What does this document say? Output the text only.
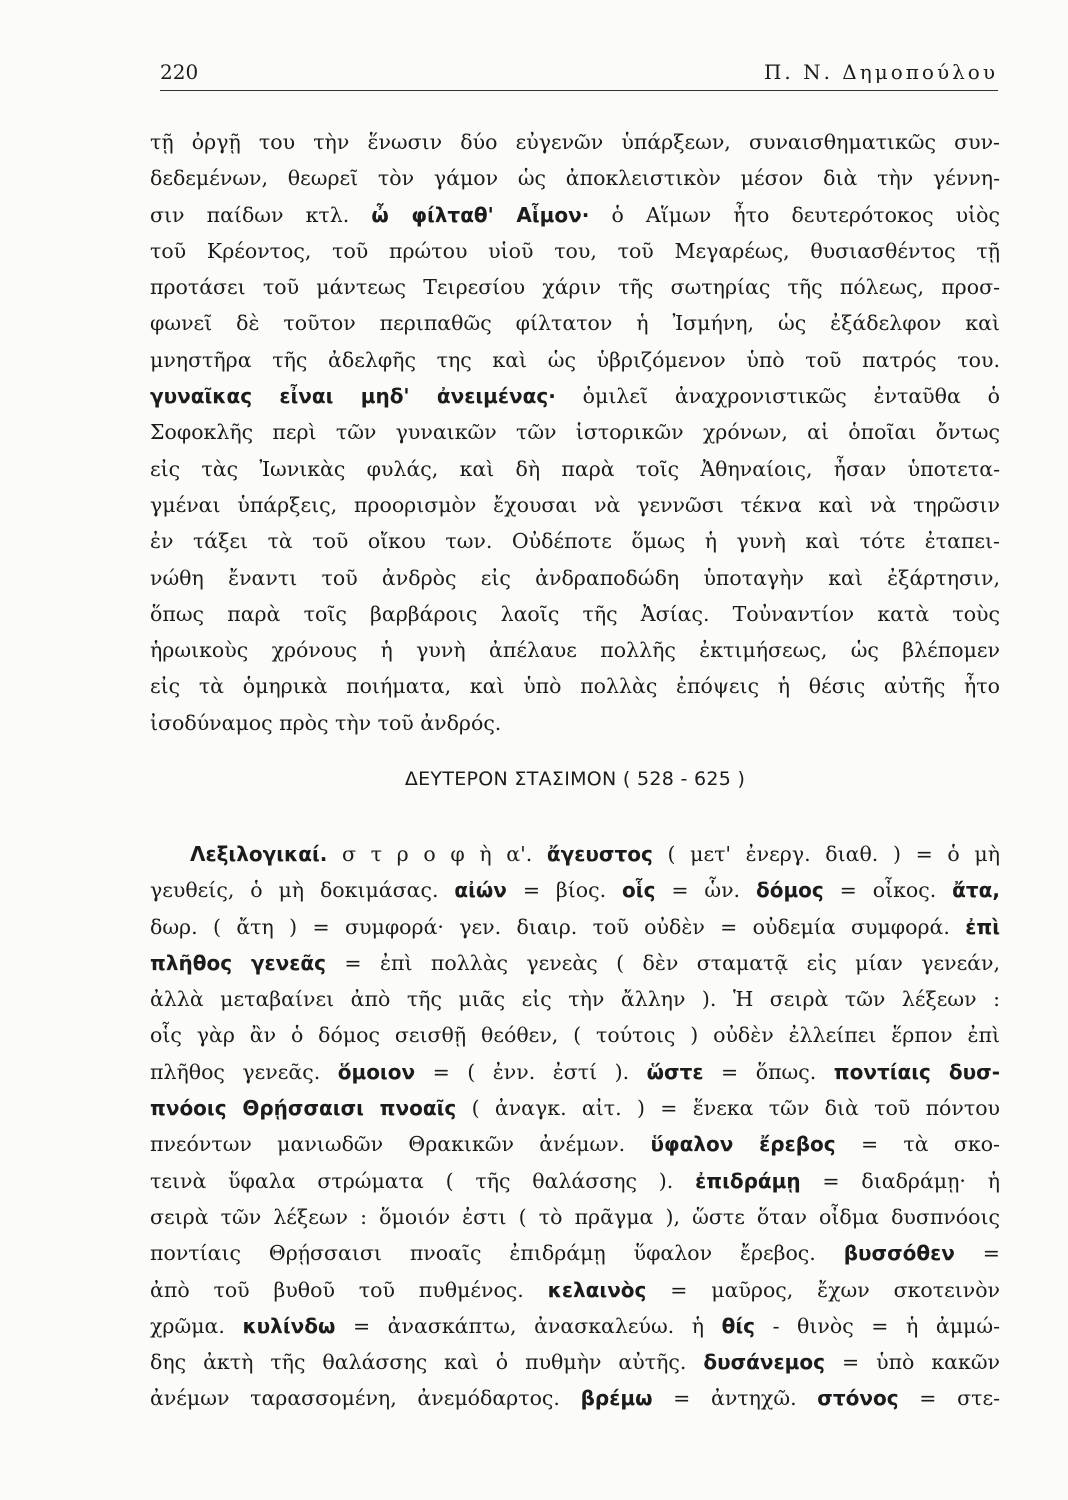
220	Π. Ν. Δημοπούλου
τῇ ὀργῇ του τὴν ἕνωσιν δύο εὐγενῶν ὑπάρξεων, συναισθηματικῶς συν-
δεδεμένων, θεωρεῖ τὸν γάμον ὡς ἀποκλειστικὸν μέσον διὰ τὴν γέννη-
σιν παίδων κτλ. ὦ φίλταθ' Αἷμον· ὁ Αἵμων ἦτο δευτερότοκος υἱὸς
τοῦ Κρέοντος, τοῦ πρώτου υἱοῦ του, τοῦ Μεγαρέως, θυσιασθέντος τῇ
προτάσει τοῦ μάντεως Τειρεσίου χάριν τῆς σωτηρίας τῆς πόλεως, προσ-
φωνεῖ δὲ τοῦτον περιπαθῶς φίλτατον ἡ Ἰσμήνη, ὡς ἐξάδελφον καὶ
μνηστῆρα τῆς ἀδελφῆς της καὶ ὡς ὑβριζόμενον ὑπὸ τοῦ πατρός του.
γυναῖκας εἶναι μηδ' ἀνειμένας· ὁμιλεῖ ἀναχρονιστικῶς ἐνταῦθα ὁ
Σοφοκλῆς περὶ τῶν γυναικῶν τῶν ἱστορικῶν χρόνων, αἱ ὁποῖαι ὄντως
εἰς τὰς Ἰωνικὰς φυλάς, καὶ δὴ παρὰ τοῖς Ἀθηναίοις, ἦσαν ὑποτετα-
γμέναι ὑπάρξεις, προορισμὸν ἔχουσαι νὰ γεννῶσι τέκνα καὶ νὰ τηρῶσιν
ἐν τάξει τὰ τοῦ οἴκου των. Οὐδέποτε ὅμως ἡ γυνὴ καὶ τότε ἐταπει-
νώθη ἔναντι τοῦ ἀνδρὸς εἰς ἀνδραποδώδη ὑποταγὴν καὶ ἐξάρτησιν,
ὅπως παρὰ τοῖς βαρβάροις λαοῖς τῆς Ἀσίας. Τοὐναντίον κατὰ τοὺς
ἡρωικοὺς χρόνους ἡ γυνὴ ἀπέλαυε πολλῆς ἐκτιμήσεως, ὡς βλέπομεν
εἰς τὰ ὁμηρικὰ ποιήματα, καὶ ὑπὸ πολλὰς ἐπόψεις ἡ θέσις αὐτῆς ἦτο
ἰσοδύναμος πρὸς τὴν τοῦ ἀνδρός.
ΔΕΥΤΕΡΟΝ ΣΤΑΣΙΜΟΝ ( 528 - 625 )
Λεξιλογικαί. σ τ ρ ο φ ὴ α'. ἄγευστος ( μετ' ἐνεργ. διαθ. ) = ὁ μὴ
γευθείς, ὁ μὴ δοκιμάσας. αἰών = βίος. οἷς = ὧν. δόμος = οἶκος. ἄτα,
δωρ. ( ἄτη ) = συμφορά· γεν. διαιρ. τοῦ οὐδὲν = οὐδεμία συμφορά. ἐπὶ
πλῆθος γενεᾶς = ἐπὶ πολλὰς γενεὰς ( δὲν σταματᾷ εἰς μίαν γενεάν,
ἀλλὰ μεταβαίνει ἀπὸ τῆς μιᾶς εἰς τὴν ἄλλην ). Ἡ σειρὰ τῶν λέξεων :
οἷς γὰρ ἂν ὁ δόμος σεισθῇ θεόθεν, ( τούτοις ) οὐδὲν ἐλλείπει ἕρπον ἐπὶ
πλῆθος γενεᾶς. ὅμοιον = ( ἐνν. ἐστί ). ὥστε = ὅπως. ποντίαις δυσ-
πνόοις Θρῄσσαισι πνοαῖς ( ἀναγκ. αἰτ. ) = ἕνεκα τῶν διὰ τοῦ πόντου
πνεόντων μανιωδῶν Θρακικῶν ἀνέμων. ὕφαλον ἔρεβος = τὰ σκο-
τεινὰ ὕφαλα στρώματα ( τῆς θαλάσσης ). ἐπιδράμῃ = διαδράμῃ· ἡ
σειρὰ τῶν λέξεων : ὅμοιόν ἐστι ( τὸ πρᾶγμα ), ὥστε ὅταν οἶδμα δυσπνόοις
ποντίαις Θρῄσσαισι πνοαῖς ἐπιδράμῃ ὕφαλον ἔρεβος. βυσσόθεν =
ἀπὸ τοῦ βυθοῦ τοῦ πυθμένος. κελαινὸς = μαῦρος, ἔχων σκοτεινὸν
χρῶμα. κυλίνδω = ἀνασκάπτω, ἀνασκαλεύω. ἡ θίς - θινὸς = ἡ ἀμμώ-
δης ἀκτὴ τῆς θαλάσσης καὶ ὁ πυθμὴν αὐτῆς. δυσάνεμος = ὑπὸ κακῶν
ἀνέμων ταρασσομένη, ἀνεμόδαρτος. βρέμω = ἀντηχῶ. στόνος = στε-
